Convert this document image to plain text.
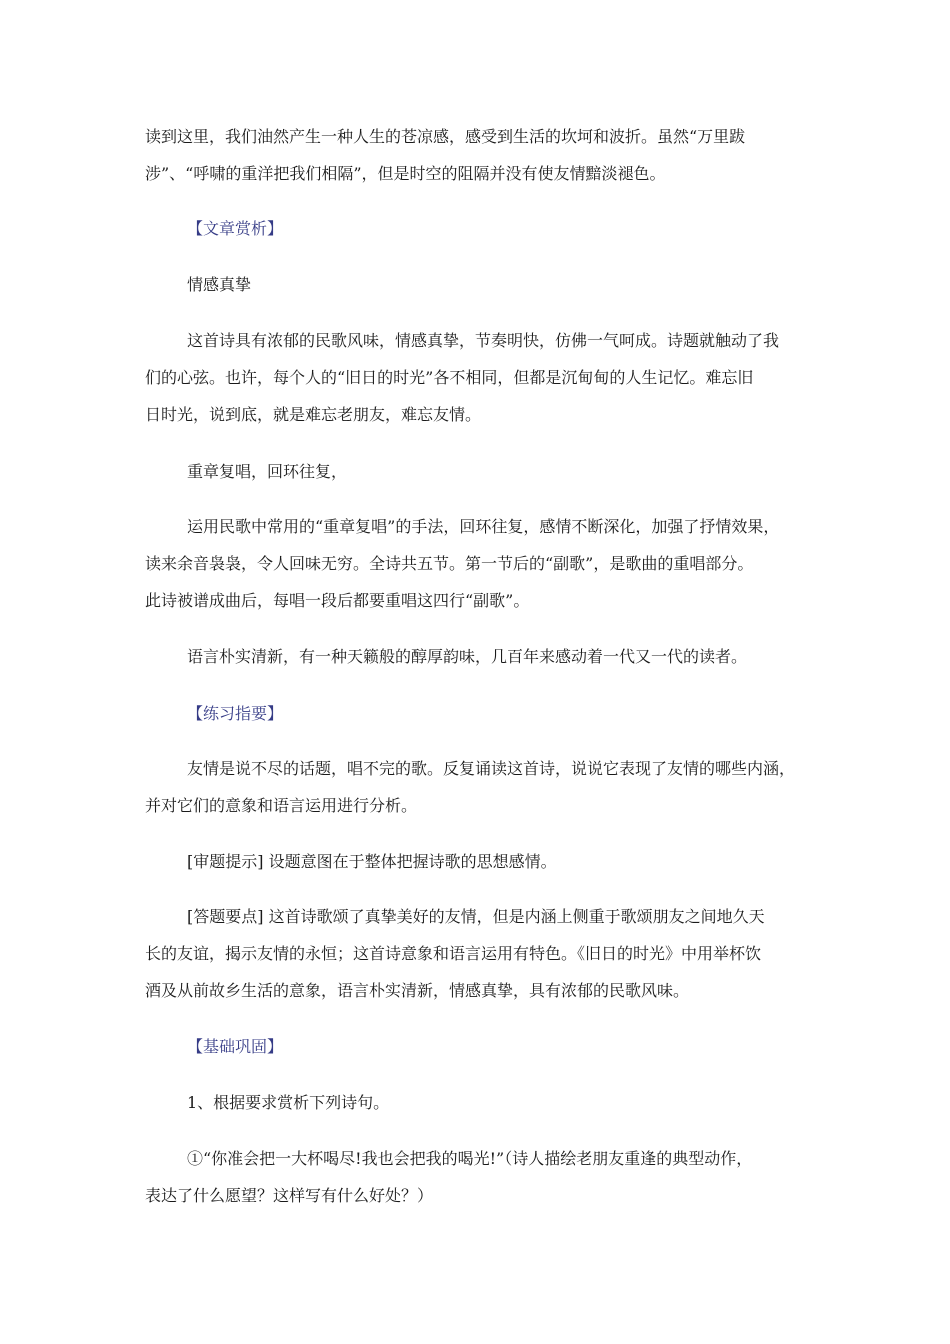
读到这里，我们油然产生一种人生的苍凉感，感受到生活的坎坷和波折。虽然“万里跋
涉”、“呼啸的重洋把我们相隔”，但是时空的阻隔并没有使友情黯淡褪色。

【文章赏析】

情感真挚

这首诗具有浓郁的民歌风味，情感真挚，节奏明快，仿佛一气呵成。诗题就触动了我
们的心弦。也许，每个人的“旧日的时光”各不相同，但都是沉甸甸的人生记忆。难忘旧
日时光，说到底，就是难忘老朋友，难忘友情。

重章复唱，回环往复，

运用民歌中常用的“重章复唱”的手法，回环往复，感情不断深化，加强了抒情效果，
读来余音袅袅，令人回味无穷。全诗共五节。第一节后的“副歌”，是歌曲的重唱部分。
此诗被谱成曲后，每唱一段后都要重唱这四行“副歌”。

语言朴实清新，有一种天籁般的醇厚韵味，几百年来感动着一代又一代的读者。

【练习指要】

友情是说不尽的话题，唱不完的歌。反复诵读这首诗，说说它表现了友情的哪些内涵，
并对它们的意象和语言运用进行分析。

[审题提示] 设题意图在于整体把握诗歌的思想感情。

[答题要点] 这首诗歌颂了真挚美好的友情，但是内涵上侧重于歌颂朋友之间地久天
长的友谊，揭示友情的永恒；这首诗意象和语言运用有特色。《旧日的时光》中用举杯饮
酒及从前故乡生活的意象，语言朴实清新，情感真挚，具有浓郁的民歌风味。

【基础巩固】

1、根据要求赏析下列诗句。

①“你准会把一大杯喝尽!我也会把我的喝光!”（诗人描绘老朋友重逢的典型动作，
表达了什么愿望？这样写有什么好处？）
